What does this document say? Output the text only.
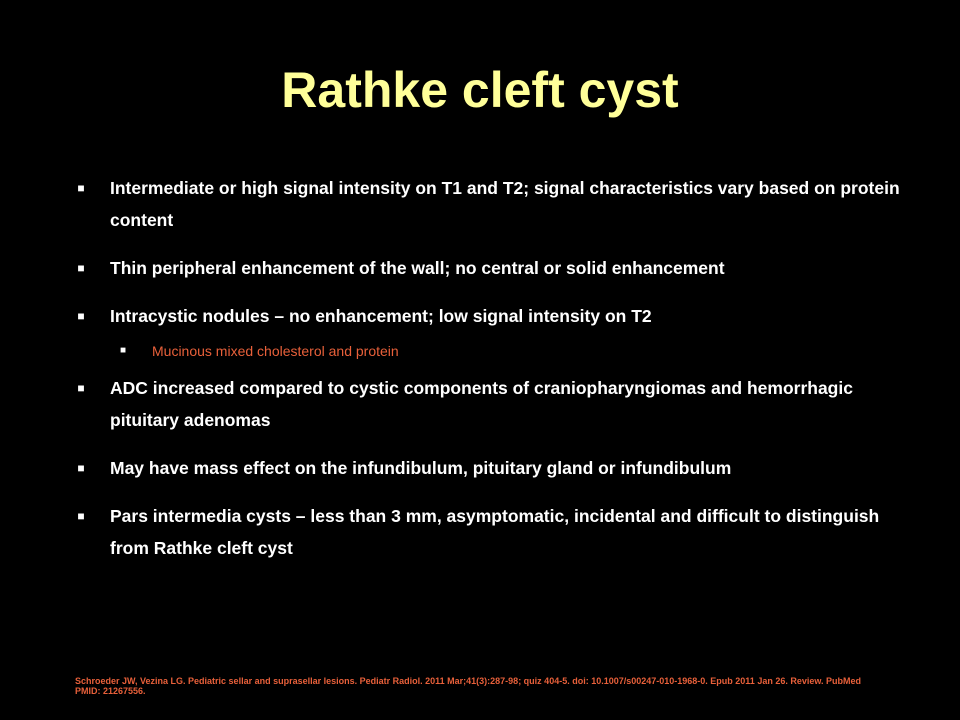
Rathke cleft cyst
■ Intermediate or high signal intensity on T1 and T2; signal characteristics vary based on protein content
■ Thin peripheral enhancement of the wall; no central or solid enhancement
■ Intracystic nodules – no enhancement; low signal intensity on T2
■ Mucinous mixed cholesterol and protein
■ ADC increased compared to cystic components of craniopharyngiomas and hemorrhagic pituitary adenomas
■ May have mass effect on the infundibulum, pituitary gland or infundibulum
■ Pars intermedia cysts – less than 3 mm, asymptomatic, incidental and difficult to distinguish from Rathke cleft cyst
Schroeder JW, Vezina LG. Pediatric sellar and suprasellar lesions. Pediatr Radiol. 2011 Mar;41(3):287-98; quiz 404-5. doi: 10.1007/s00247-010-1968-0. Epub 2011 Jan 26. Review. PubMed PMID: 21267556.
